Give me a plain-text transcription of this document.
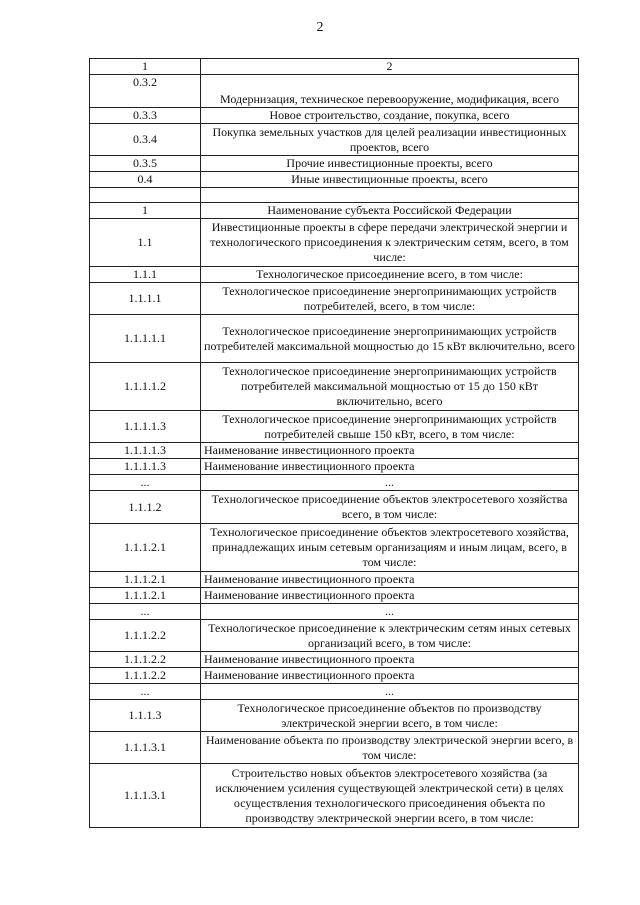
2
1	2
0.3.2	Модернизация, техническое перевооружение, модификация, всего
0.3.3	Новое строительство, создание, покупка, всего
0.3.4	Покупка земельных участков для целей реализации инвестиционных проектов, всего
0.3.5	Прочие инвестиционные проекты, всего
0.4	Иные инвестиционные проекты, всего

1	Наименование субъекта Российской Федерации
1.1	Инвестиционные проекты в сфере передачи электрической энергии и технологического присоединения к электрическим сетям, всего, в том числе:
1.1.1	Технологическое присоединение всего, в том числе:
1.1.1.1	Технологическое присоединение энергопринимающих устройств потребителей, всего, в том числе:
1.1.1.1.1	Технологическое присоединение энергопринимающих устройств потребителей максимальной мощностью до 15 кВт включительно, всего
1.1.1.1.2	Технологическое присоединение энергопринимающих устройств потребителей максимальной мощностью от 15 до 150 кВт включительно, всего
1.1.1.1.3	Технологическое присоединение энергопринимающих устройств потребителей свыше 150 кВт, всего, в том числе:
1.1.1.1.3	Наименование инвестиционного проекта
1.1.1.1.3	Наименование инвестиционного проекта
...	...
1.1.1.2	Технологическое присоединение объектов электросетевого хозяйства всего, в том числе:
1.1.1.2.1	Технологическое присоединение объектов электросетевого хозяйства, принадлежащих иным сетевым организациям и иным лицам, всего, в том числе:
1.1.1.2.1	Наименование инвестиционного проекта
1.1.1.2.1	Наименование инвестиционного проекта
...	...
1.1.1.2.2	Технологическое присоединение к электрическим сетям иных сетевых организаций всего, в том числе:
1.1.1.2.2	Наименование инвестиционного проекта
1.1.1.2.2	Наименование инвестиционного проекта
...	...
1.1.1.3	Технологическое присоединение объектов по производству электрической энергии всего, в том числе:
1.1.1.3.1	Наименование объекта по производству электрической энергии всего, в том числе:
1.1.1.3.1	Строительство новых объектов электросетевого хозяйства (за исключением усиления существующей электрической сети) в целях осуществления технологического присоединения объекта по производству электрической энергии всего, в том числе:
